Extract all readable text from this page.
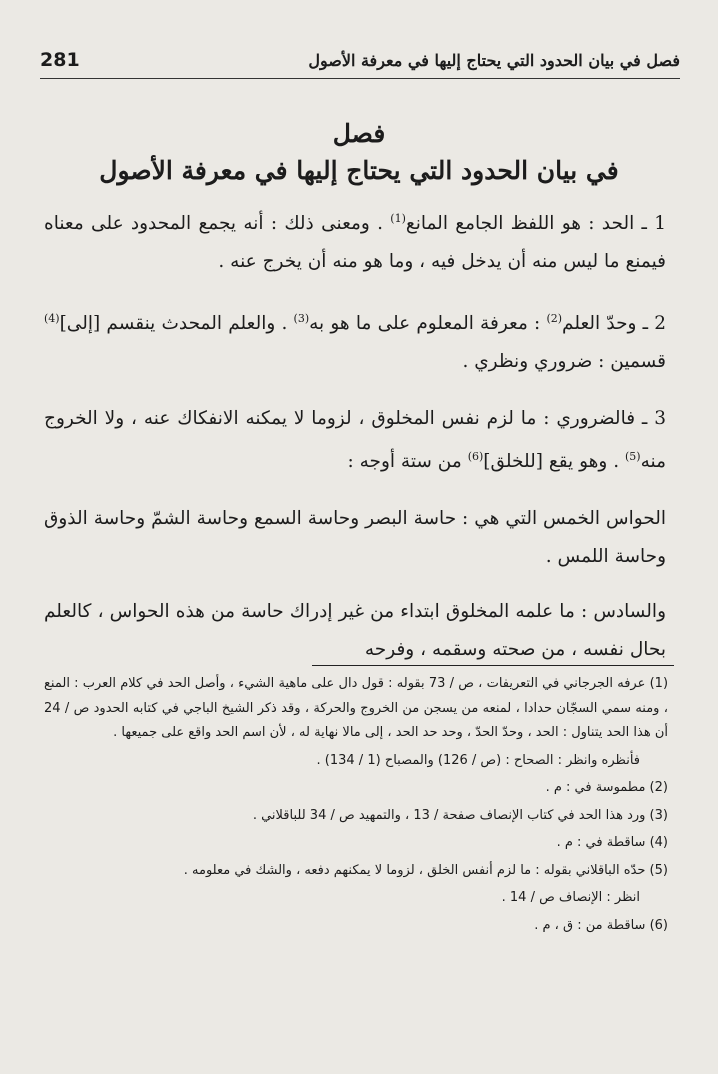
281	فصل في بيان الحدود التي يحتاج إليها في معرفة الأصول
فصل
في بيان الحدود التي يحتاج إليها في معرفة الأصول

1 ـ الحد : هو اللفظ الجامع المانع$^{(1)}$ . ومعنى ذلك : أنه يجمع المحدود على معناه فيمنع ما ليس منه أن يدخل فيه ، وما هو منه أن يخرج عنه .

2 ـ وحدّ العلم$^{(2)}$ : معرفة المعلوم على ما هو به$^{(3)}$ . والعلم المحدث ينقسم [إلى]$^{(4)}$ قسمين : ضروري ونظري .

3 ـ فالضروري : ما لزم نفس المخلوق ، لزوما لا يمكنه الانفكاك عنه ، ولا الخروج منه$^{(5)}$ . وهو يقع [للخلق]$^{(6)}$ من ستة أوجه :

الحواس الخمس التي هي : حاسة البصر وحاسة السمع وحاسة الشمّ وحاسة الذوق وحاسة اللمس .

والسادس : ما علمه المخلوق ابتداء من غير إدراك حاسة من هذه الحواس ، كالعلم بحال نفسه ، من صحته وسقمه ، وفرحه

(1) عرفه الجرجاني في التعريفات ، ص / 73 بقوله : قول دال على ماهية الشيء ، وأصل الحد في كلام العرب : المنع ، ومنه سمي السجّان حدادا ، لمنعه من يسجن من الخروج والحركة ، وقد ذكر الشيخ الباجي في كتابه الحدود ص / 24 أن هذا الحد يتناول : الحد ، وحدّ الحدّ ، وحد حد الحد ، إلى مالا نهاية له ، لأن اسم الحد واقع على جميعها .

فأنظره وانظر : الصحاح : (ص / 126) والمصباح (1 / 134) .

(2) مطموسة في : م .

(3) ورد هذا الحد في كتاب الإنصاف صفحة / 13 ، والتمهيد ص / 34 للباقلاني .

(4) ساقطة في : م .

(5) حدّه الباقلاني بقوله : ما لزم أنفس الخلق ، لزوما لا يمكنهم دفعه ، والشك في معلومه .

انظر : الإنصاف ص / 14 .

(6) ساقطة من : ق ، م .
